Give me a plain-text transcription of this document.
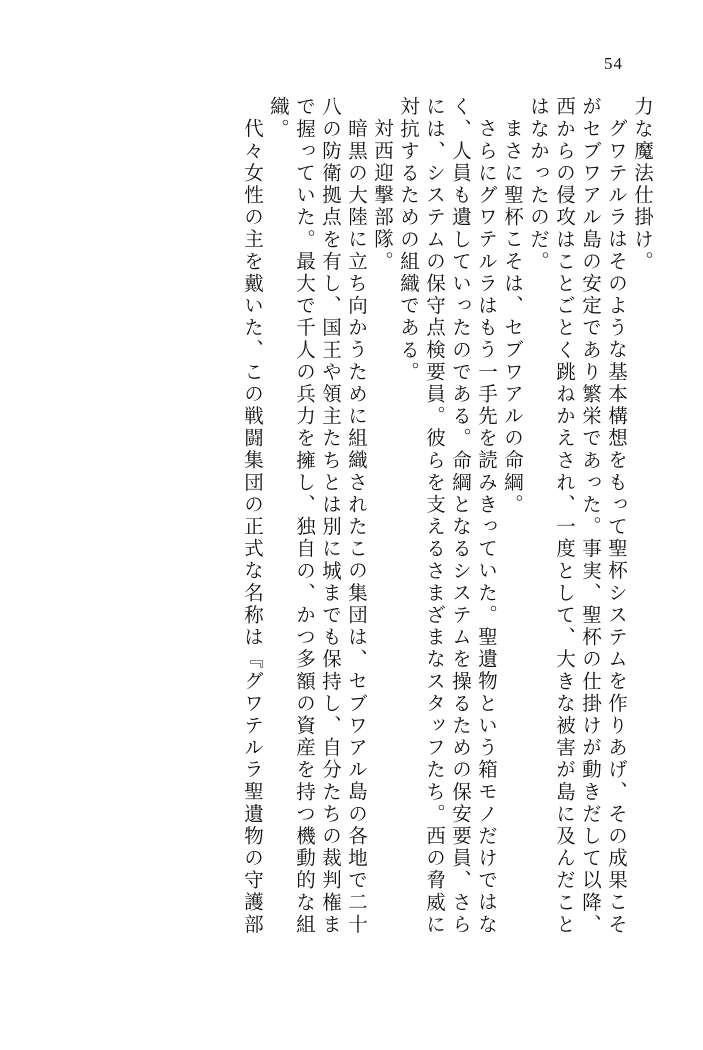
54
力な魔法仕掛け。
グワテルラはそのような基本構想をもって聖杯システムを作りあげ、その成果こそ
がセブワアル島の安定であり繁栄であった。事実、聖杯の仕掛けが動きだして以降、
西からの侵攻はことごとく跳ねかえされ、一度として、大きな被害が島に及んだこと
はなかったのだ。
まさに聖杯こそは、セブワアルの命綱。
さらにグワテルラはもう一手先を読みきっていた。聖遺物という箱モノだけではな
く、人員も遺していったのである。命綱となるシステムを操るための保安要員、さら
には、システムの保守点検要員。彼らを支えるさまざまなスタッフたち。西の脅威に
対抗するための組織である。
対西迎撃部隊。
暗黒の大陸に立ち向かうために組織されたこの集団は、セブワアル島の各地で二十
八の防衛拠点を有し、国王や領主たちとは別に城までも保持し、自分たちの裁判権ま
で握っていた。最大で千人の兵力を擁し、独自の、かつ多額の資産を持つ機動的な組
織。
代々女性の主を戴いた、この戦闘集団の正式な名称は『グワテルラ聖遺物の守護部
